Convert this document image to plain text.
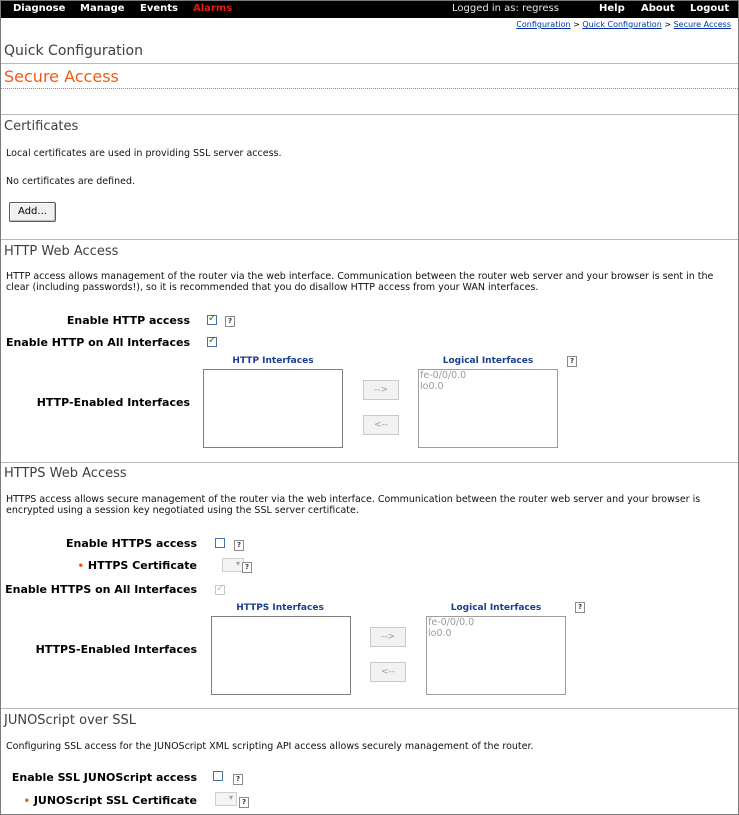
Diagnose Manage Events Alarms	Logged in as: regress	Help About Logout
Configuration > Quick Configuration > Secure Access
Quick Configuration
Secure Access
Certificates
Local certificates are used in providing SSL server access.
No certificates are defined.
Add...
HTTP Web Access
HTTP access allows management of the router via the web interface. Communication between the router web server and your browser is sent in the clear (including passwords!), so it is recommended that you do disallow HTTP access from your WAN interfaces.
Enable HTTP access ✓	?
Enable HTTP on All Interfaces
✓
HTTP Interfaces	Logical Interfaces	?
HTTP-Enabled Interfaces
-->
<--
fe-0/0/0.0
lo0.0
HTTPS Web Access
HTTPS access allows secure management of the router via the web interface. Communication between the router web server and your browser is encrypted using a session key negotiated using the SSL server certificate.
Enable HTTPS access	?
• HTTPS Certificate ▾	?
Enable HTTPS on All Interfaces
✓
HTTPS Interfaces	Logical Interfaces	?
HTTPS-Enabled Interfaces
-->
<--
fe-0/0/0.0
lo0.0
JUNOScript over SSL
Configuring SSL access for the JUNOScript XML scripting API access allows securely management of the router.
Enable SSL JUNOScript access	?
• JUNOScript SSL Certificate ▾	?
